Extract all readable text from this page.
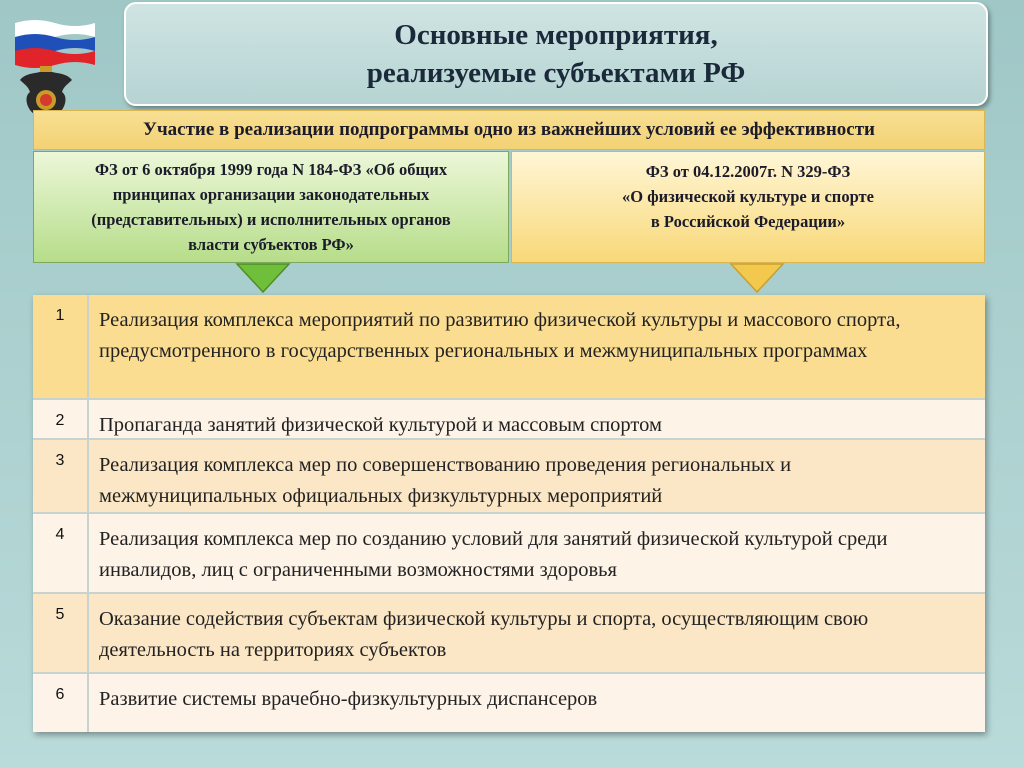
Основные мероприятия,
реализуемые субъектами РФ
Участие в реализации подпрограммы одно из важнейших условий ее эффективности
ФЗ от 6 октября 1999 года N 184-ФЗ «Об общих
принципах организации законодательных
(представительных) и исполнительных органов
власти субъектов РФ»
ФЗ от 04.12.2007г. N 329-ФЗ
«О физической культуре и спорте
в Российской Федерации»
1	Реализация комплекса мероприятий по развитию физической культуры и массового спорта, предусмотренного в государственных региональных и межмуниципальных программах
2	Пропаганда занятий физической культурой и массовым спортом
3	Реализация комплекса мер по совершенствованию проведения региональных и межмуниципальных официальных физкультурных мероприятий
4	Реализация комплекса мер по созданию условий для занятий физической культурой среди инвалидов, лиц с ограниченными возможностями здоровья
5	Оказание содействия субъектам физической культуры и спорта, осуществляющим свою деятельность на территориях субъектов
6	Развитие системы врачебно-физкультурных диспансеров
